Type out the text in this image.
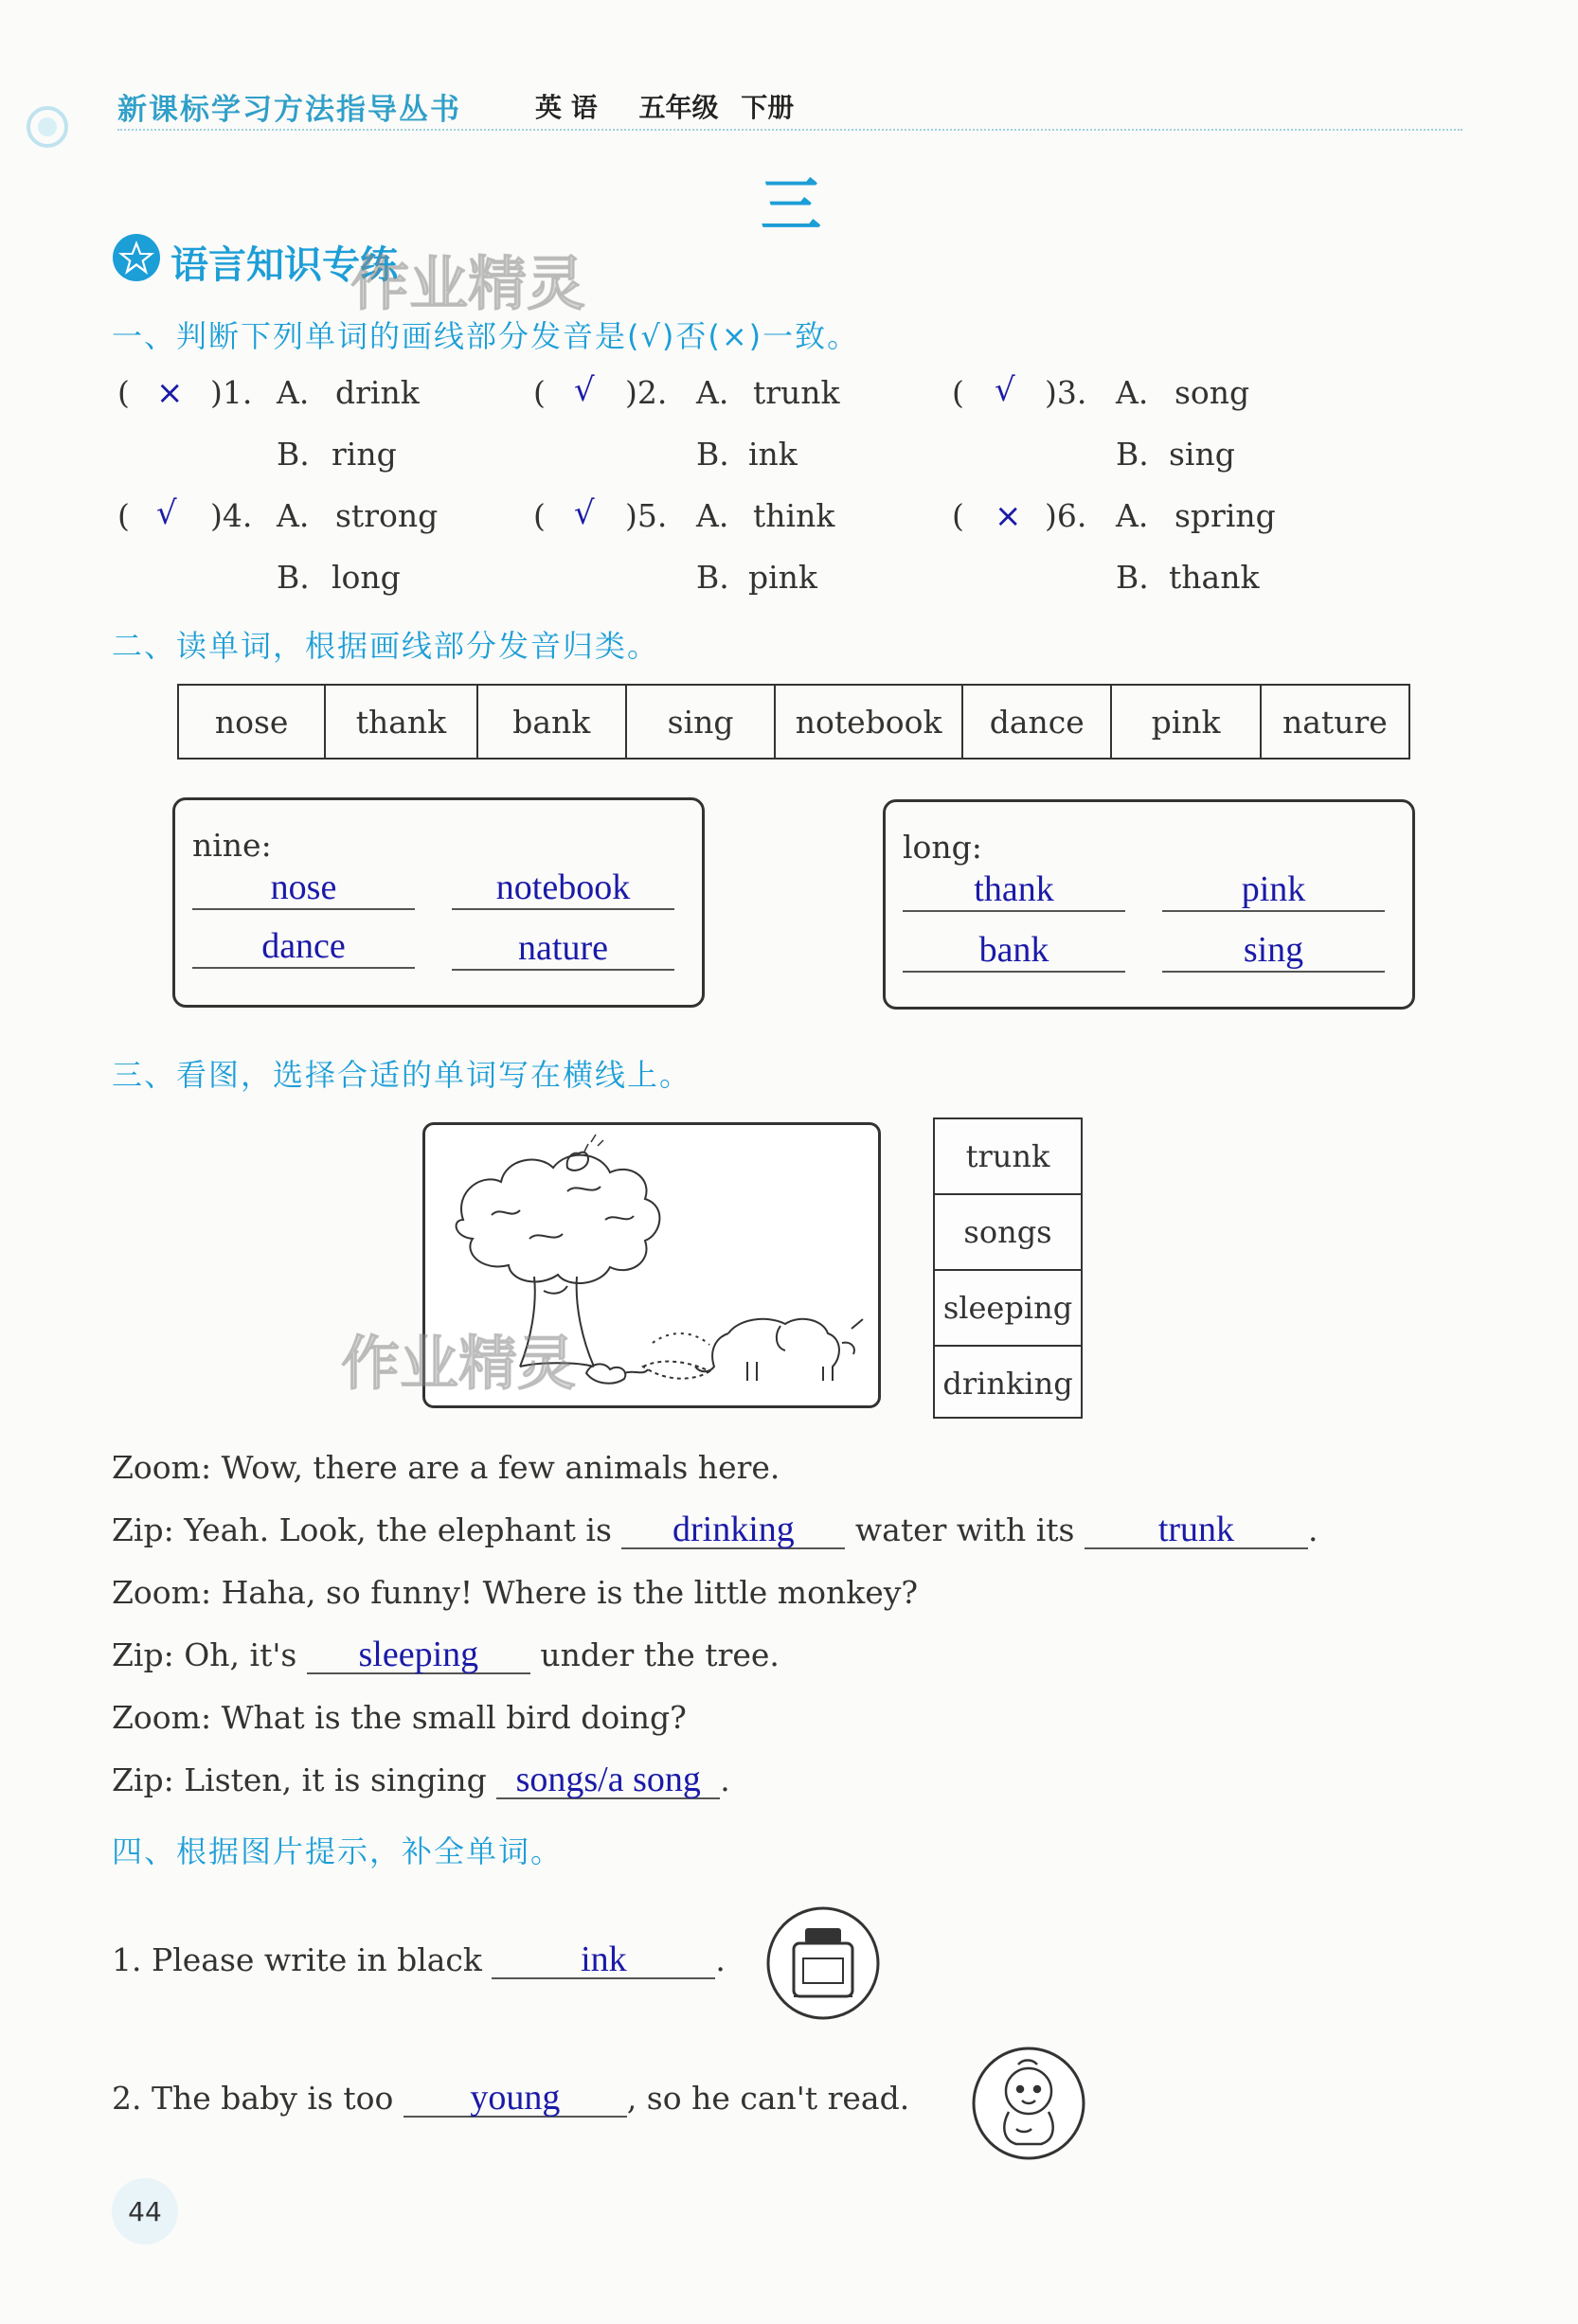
新课标学习方法指导丛书	英 语 五年级 下册
三
语言知识专练
作业精灵
一、判断下列单词的画线部分发音是(√)否(×)一致。
( × )1. A. drink
B. ring
( √ )2. A. trunk
B. ink
( √ )3. A. song
B. sing
( √ )4. A. strong
B. long
( √ )5. A. think
B. pink
( × )6. A. spring
B. thank
二、读单词，根据画线部分发音归类。
nose	thank	bank	sing	notebook	dance	pink	nature
nine:
nose	notebook
dance	nature
long:
thank	pink
bank	sing
三、看图，选择合适的单词写在横线上。
作业精灵
trunk
songs
sleeping
drinking
Zoom: Wow, there are a few animals here.
Zip: Yeah. Look, the elephant is drinking water with its trunk .
Zoom: Haha, so funny! Where is the little monkey?
Zip: Oh, it's sleeping under the tree.
Zoom: What is the small bird doing?
Zip: Listen, it is singing songs/a song .
四、根据图片提示，补全单词。
1. Please write in black	ink	.
2. The baby is too young , so he can't read.
44
